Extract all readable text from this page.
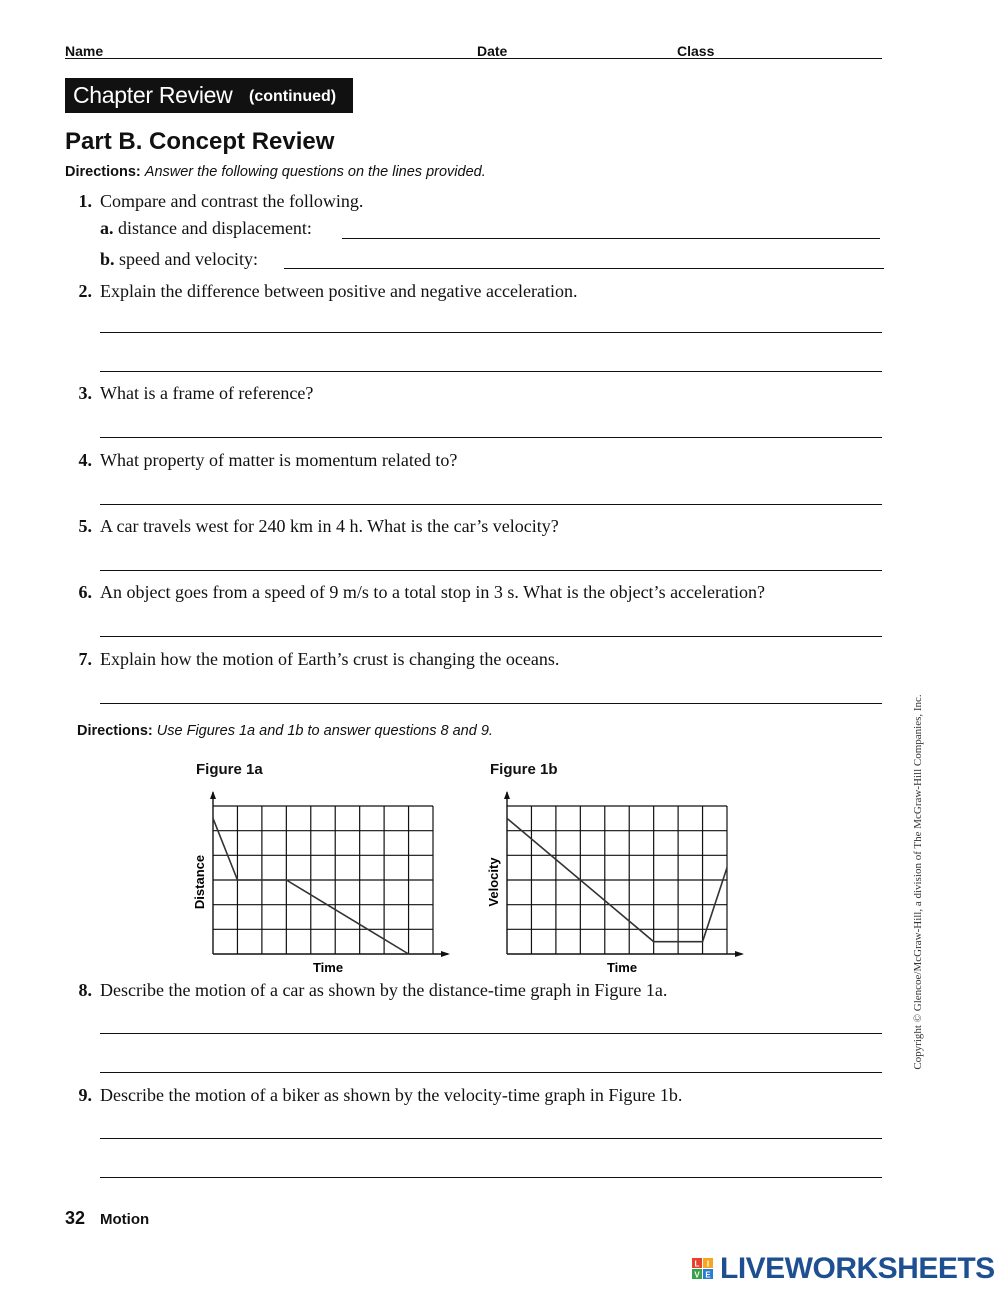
Name	Date	Class
Chapter Review (continued)
Part B. Concept Review
Directions: Answer the following questions on the lines provided.
1. Compare and contrast the following.
a. distance and displacement:
b. speed and velocity:
2. Explain the difference between positive and negative acceleration.
3. What is a frame of reference?
4. What property of matter is momentum related to?
5. A car travels west for 240 km in 4 h. What is the car’s velocity?
6. An object goes from a speed of 9 m/s to a total stop in 3 s. What is the object’s acceleration?
7. Explain how the motion of Earth’s crust is changing the oceans.
Directions: Use Figures 1a and 1b to answer questions 8 and 9.
Figure 1a	Figure 1b
Distance
Time
Velocity
Time
8. Describe the motion of a car as shown by the distance-time graph in Figure 1a.
9. Describe the motion of a biker as shown by the velocity-time graph in Figure 1b.
Copyright © Glencoe/McGraw-Hill, a division of The McGraw-Hill Companies, Inc.
32 Motion
L I
V E LIVEWORKSHEETS
